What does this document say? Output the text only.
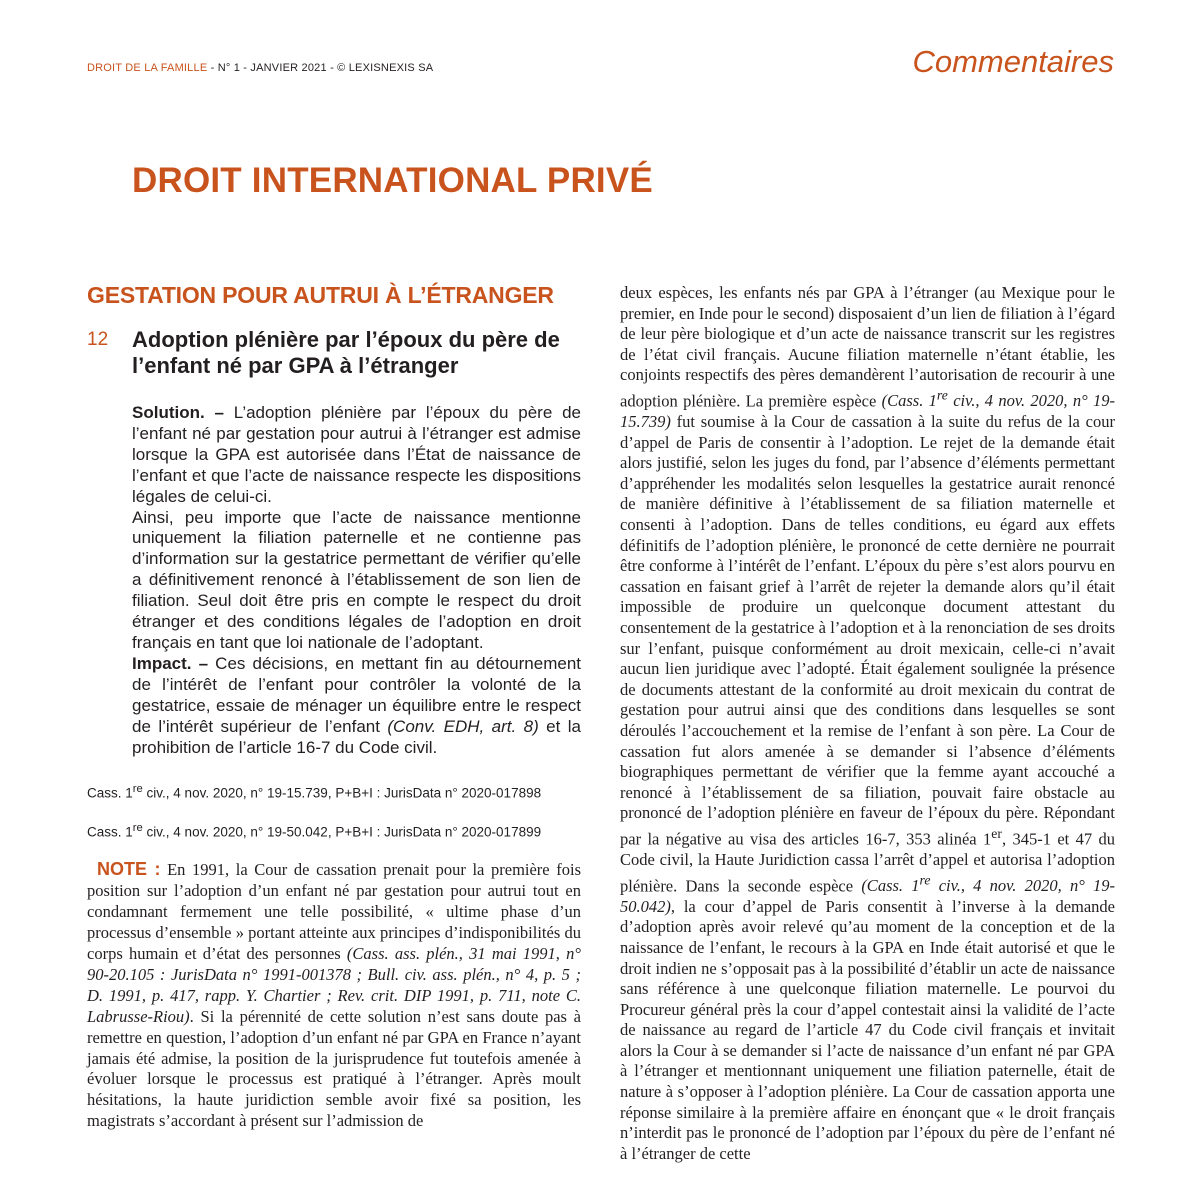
DROIT DE LA FAMILLE - N° 1 - JANVIER 2021 - © LEXISNEXIS SA	Commentaires
DROIT INTERNATIONAL PRIVÉ
GESTATION POUR AUTRUI À L’ÉTRANGER
12 Adoption plénière par l’époux du père de l’enfant né par GPA à l’étranger

Solution. – L’adoption plénière par l’époux du père de l’enfant né par gestation pour autrui à l’étranger est admise lorsque la GPA est autorisée dans l’État de naissance de l’enfant et que l’acte de naissance respecte les dispositions légales de celui-ci.

Ainsi, peu importe que l’acte de naissance mentionne uniquement la filiation paternelle et ne contienne pas d’information sur la gestatrice permettant de vérifier qu’elle a définitivement renoncé à l’établissement de son lien de filiation. Seul doit être pris en compte le respect du droit étranger et des conditions légales de l’adoption en droit français en tant que loi nationale de l’adoptant.

Impact. – Ces décisions, en mettant fin au détournement de l’intérêt de l’enfant pour contrôler la volonté de la gestatrice, essaie de ménager un équilibre entre le respect de l’intérêt supérieur de l’enfant (Conv. EDH, art. 8) et la prohibition de l’article 16-7 du Code civil.

Cass. 1re civ., 4 nov. 2020, n° 19-15.739, P+B+I : JurisData n° 2020-017898

Cass. 1re civ., 4 nov. 2020, n° 19-50.042, P+B+I : JurisData n° 2020-017899

NOTE : En 1991, la Cour de cassation prenait pour la première fois position sur l’adoption d’un enfant né par gestation pour autrui tout en condamnant fermement une telle possibilité, « ultime phase d’un processus d’ensemble » portant atteinte aux principes d’indisponibilités du corps humain et d’état des personnes (Cass. ass. plén., 31 mai 1991, n° 90-20.105 : JurisData n° 1991-001378 ; Bull. civ. ass. plén., n° 4, p. 5 ; D. 1991, p. 417, rapp. Y. Chartier ; Rev. crit. DIP 1991, p. 711, note C. Labrusse-Riou). Si la pérennité de cette solution n’est sans doute pas à remettre en question, l’adoption d’un enfant né par GPA en France n’ayant jamais été admise, la position de la jurisprudence fut toutefois amenée à évoluer lorsque le processus est pratiqué à l’étranger. Après moult hésitations, la haute juridiction semble avoir fixé sa position, les magistrats s’accordant à présent sur l’admission de

deux espèces, les enfants nés par GPA à l’étranger (au Mexique pour le premier, en Inde pour le second) disposaient d’un lien de filiation à l’égard de leur père biologique et d’un acte de naissance transcrit sur les registres de l’état civil français. Aucune filiation maternelle n’étant établie, les conjoints respectifs des pères demandèrent l’autorisation de recourir à une adoption plénière. La première espèce (Cass. 1re civ., 4 nov. 2020, n° 19-15.739) fut soumise à la Cour de cassation à la suite du refus de la cour d’appel de Paris de consentir à l’adoption. Le rejet de la demande était alors justifié, selon les juges du fond, par l’absence d’éléments permettant d’appréhender les modalités selon lesquelles la gestatrice aurait renoncé de manière définitive à l’établissement de sa filiation maternelle et consenti à l’adoption. Dans de telles conditions, eu égard aux effets définitifs de l’adoption plénière, le prononcé de cette dernière ne pourrait être conforme à l’intérêt de l’enfant. L’époux du père s’est alors pourvu en cassation en faisant grief à l’arrêt de rejeter la demande alors qu’il était impossible de produire un quelconque document attestant du consentement de la gestatrice à l’adoption et à la renonciation de ses droits sur l’enfant, puisque conformément au droit mexicain, celle-ci n’avait aucun lien juridique avec l’adopté. Était également soulignée la présence de documents attestant de la conformité au droit mexicain du contrat de gestation pour autrui ainsi que des conditions dans lesquelles se sont déroulés l’accouchement et la remise de l’enfant à son père. La Cour de cassation fut alors amenée à se demander si l’absence d’éléments biographiques permettant de vérifier que la femme ayant accouché a renoncé à l’établissement de sa filiation, pouvait faire obstacle au prononcé de l’adoption plénière en faveur de l’époux du père. Répondant par la négative au visa des articles 16-7, 353 alinéa 1er, 345-1 et 47 du Code civil, la Haute Juridiction cassa l’arrêt d’appel et autorisa l’adoption plénière. Dans la seconde espèce (Cass. 1re civ., 4 nov. 2020, n° 19-50.042), la cour d’appel de Paris consentit à l’inverse à la demande d’adoption après avoir relevé qu’au moment de la conception et de la naissance de l’enfant, le recours à la GPA en Inde était autorisé et que le droit indien ne s’opposait pas à la possibilité d’établir un acte de naissance sans référence à une quelconque filiation maternelle. Le pourvoi du Procureur général près la cour d’appel contestait ainsi la validité de l’acte de naissance au regard de l’article 47 du Code civil français et invitait alors la Cour à se demander si l’acte de naissance d’un enfant né par GPA à l’étranger et mentionnant uniquement une filiation paternelle, était de nature à s’opposer à l’adoption plénière. La Cour de cassation apporta une réponse similaire à la première affaire en énonçant que « le droit français n’interdit pas le prononcé de l’adoption par l’époux du père de l’enfant né à l’étranger de cette
